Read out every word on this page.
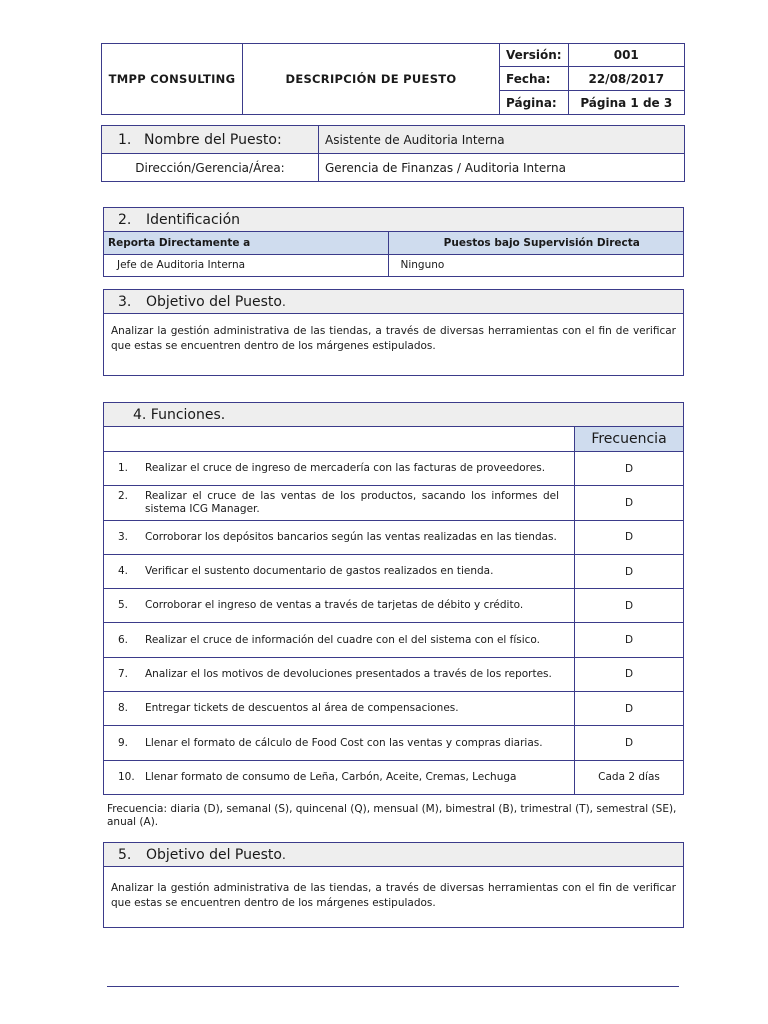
TMPP CONSULTING	DESCRIPCIÓN DE PUESTO	Versión:	001
		Fecha:	22/08/2017
		Página:	Página 1 de 3
1. Nombre del Puesto:	Asistente de Auditoria Interna
Dirección/Gerencia/Área:	Gerencia de Finanzas / Auditoria Interna
2. Identificación
Reporta Directamente a	Puestos bajo Supervisión Directa
Jefe de Auditoria Interna	Ninguno
3. Objetivo del Puesto.
Analizar la gestión administrativa de las tiendas, a través de diversas herramientas con el fin de verificar que estas se encuentren dentro de los márgenes estipulados.
4. Funciones.	
	Frecuencia
1. Realizar el cruce de ingreso de mercadería con las facturas de proveedores.	D
2. Realizar el cruce de las ventas de los productos, sacando los informes del sistema ICG Manager.	D
3. Corroborar los depósitos bancarios según las ventas realizadas en las tiendas.	D
4. Verificar el sustento documentario de gastos realizados en tienda.	D
5. Corroborar el ingreso de ventas a través de tarjetas de débito y crédito.	D
6. Realizar el cruce de información del cuadre con el del sistema con el físico.	D
7. Analizar el los motivos de devoluciones presentados a través de los reportes.	D
8. Entregar tickets de descuentos al área de compensaciones.	D
9. Llenar el formato de cálculo de Food Cost con las ventas y compras diarias.	D
10. Llenar formato de consumo de Leña, Carbón, Aceite, Cremas, Lechuga	Cada 2 días
Frecuencia: diaria (D), semanal (S), quincenal (Q), mensual (M), bimestral (B), trimestral (T), semestral (SE), anual (A).
5. Objetivo del Puesto.
Analizar la gestión administrativa de las tiendas, a través de diversas herramientas con el fin de verificar que estas se encuentren dentro de los márgenes estipulados.
